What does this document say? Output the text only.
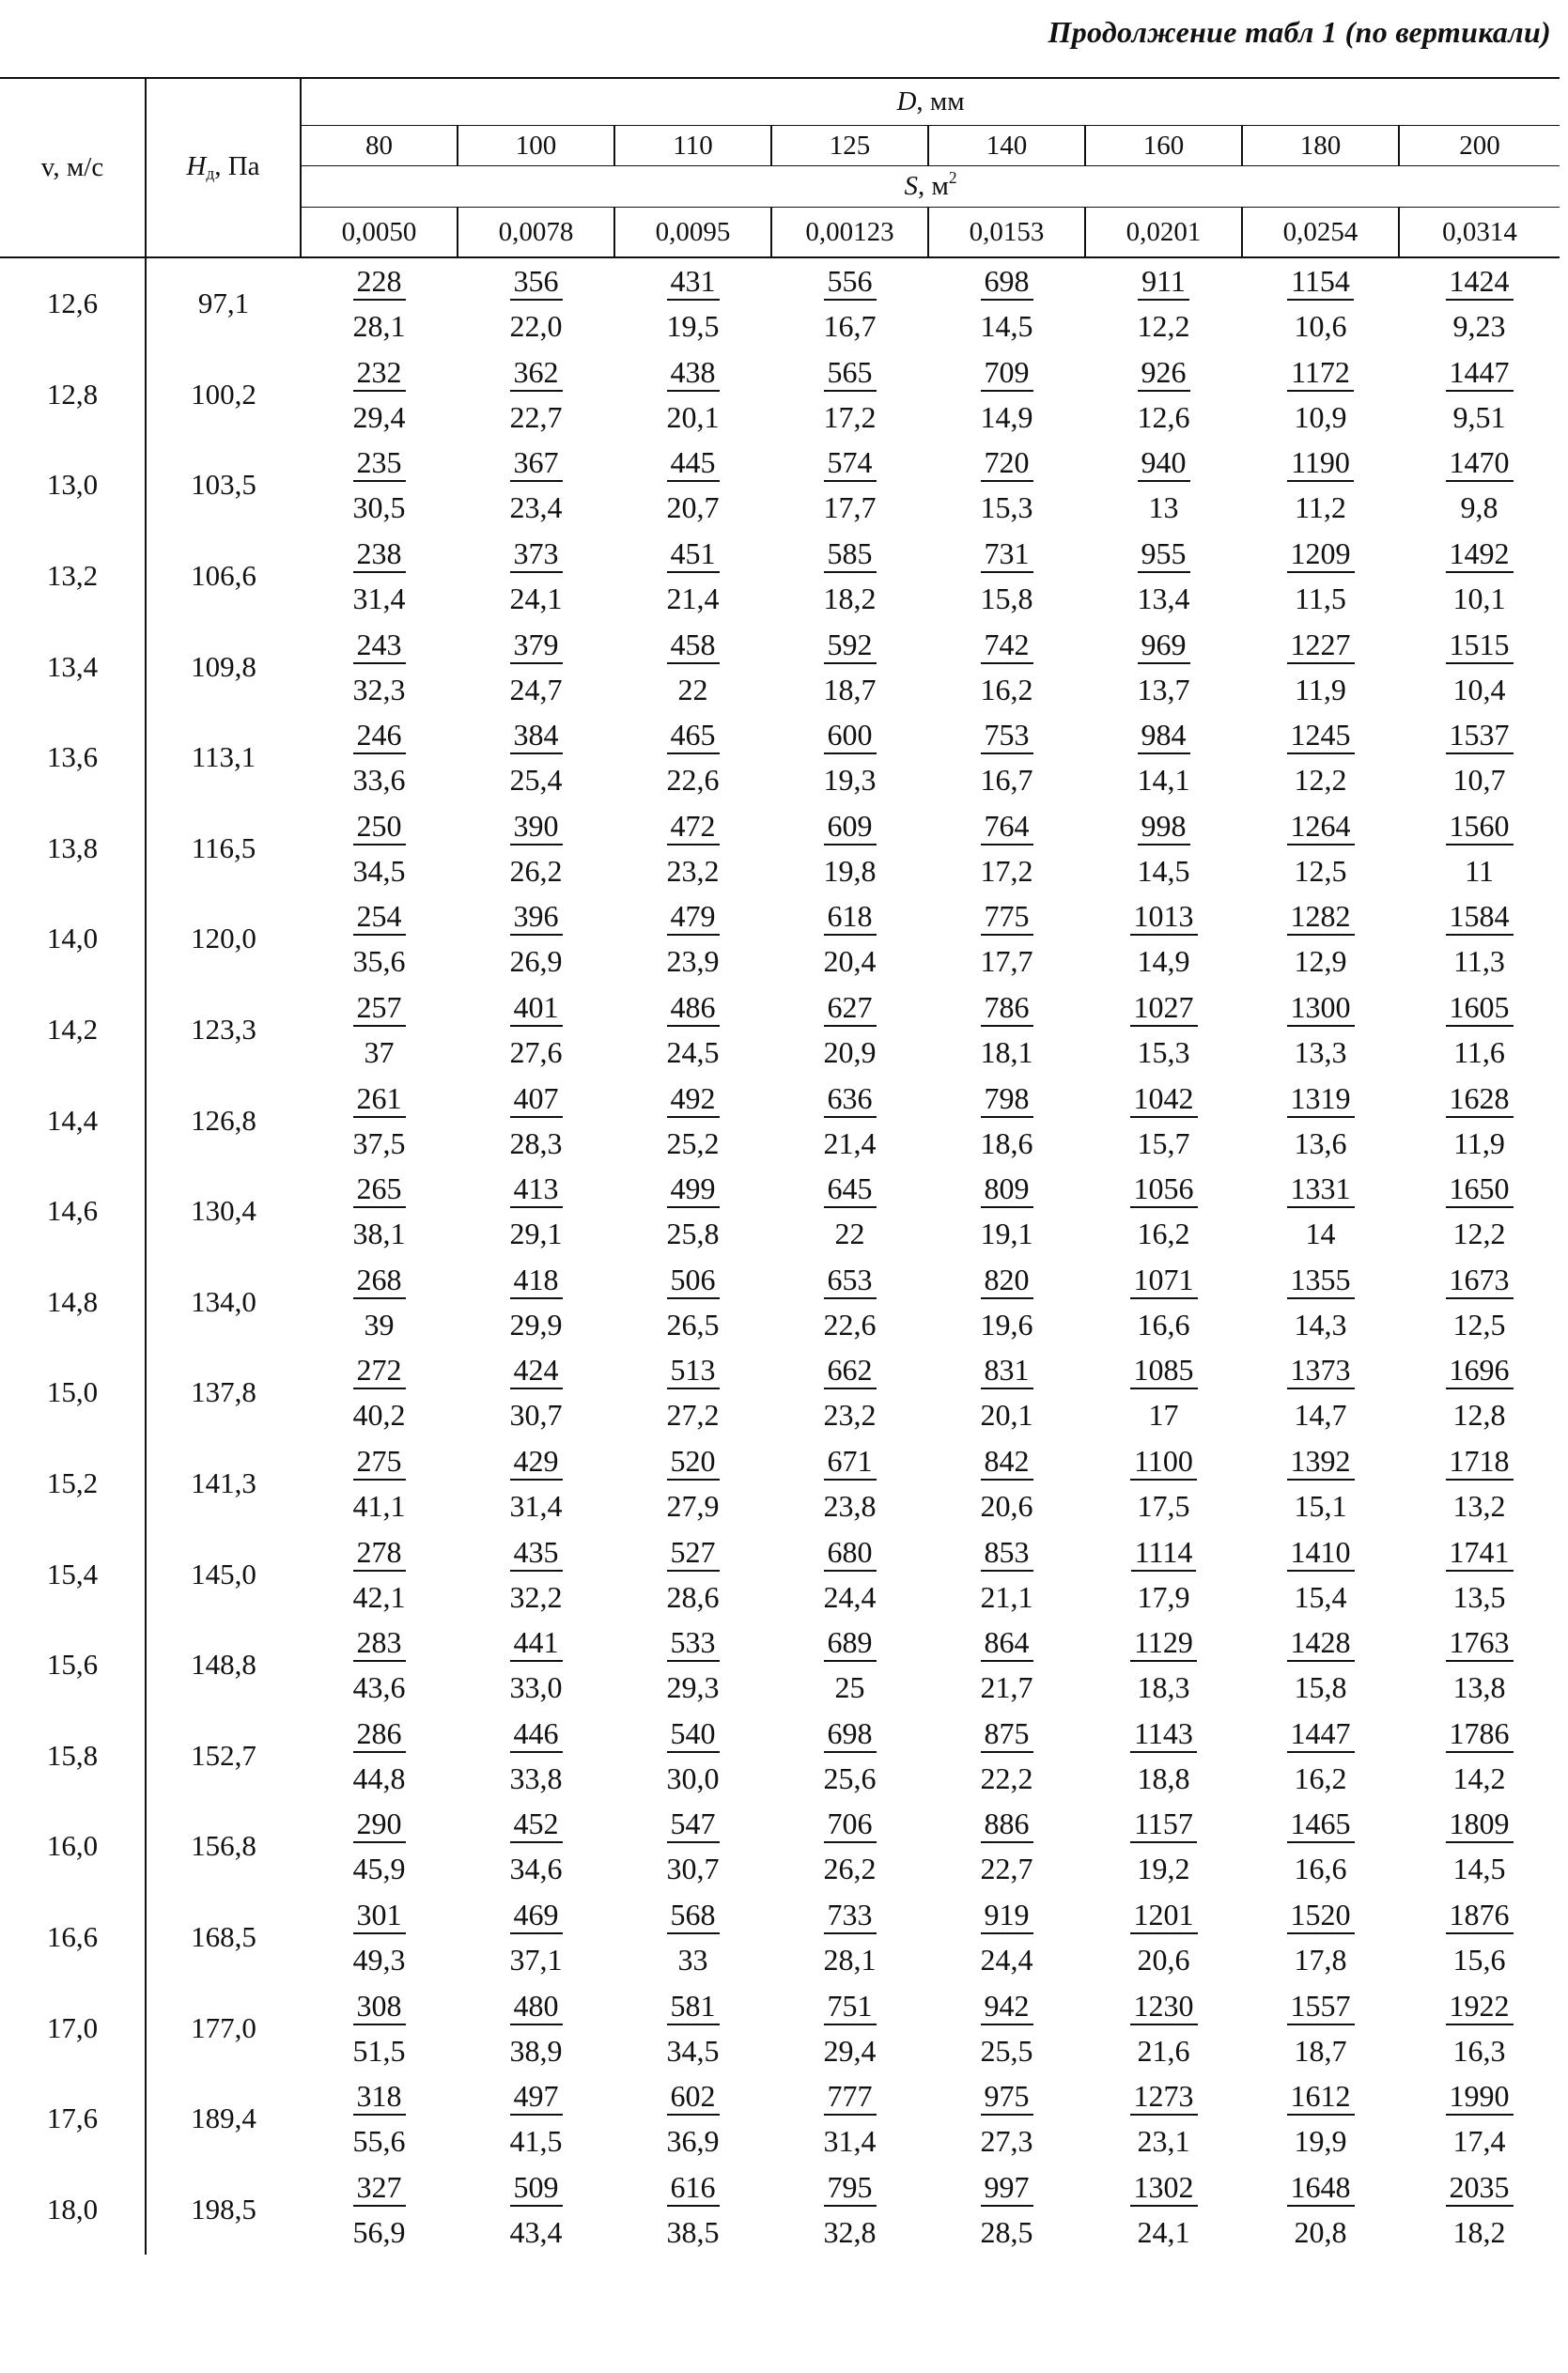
Продолжение табл 1 (по вертикали)
v, м/с	$H_д$, Па	D, мм							
		80	100	110	125	140	160	180	200
		S, $м^2$
		0,0050	0,0078	0,0095	0,00123	0,0153	0,0201	0,0254	0,0314
12,6	97,1	$\frac{228}{28,1}$	$\frac{356}{22,0}$	$\frac{431}{19,5}$	$\frac{556}{16,7}$	$\frac{698}{14,5}$	$\frac{911}{12,2}$	$\frac{1154}{10,6}$	$\frac{1424}{9,23}$

12,8	100,2	$\frac{232}{29,4}$	$\frac{362}{22,7}$	$\frac{438}{20,1}$	$\frac{565}{17,2}$	$\frac{709}{14,9}$	$\frac{926}{12,6}$	$\frac{1172}{10,9}$	$\frac{1447}{9,51}$

13,0	103,5	$\frac{235}{30,5}$	$\frac{367}{23,4}$	$\frac{445}{20,7}$	$\frac{574}{17,7}$	$\frac{720}{15,3}$	$\frac{940}{13}$	$\frac{1190}{11,2}$	$\frac{1470}{9,8}$

13,2	106,6	$\frac{238}{31,4}$	$\frac{373}{24,1}$	$\frac{451}{21,4}$	$\frac{585}{18,2}$	$\frac{731}{15,8}$	$\frac{955}{13,4}$	$\frac{1209}{11,5}$	$\frac{1492}{10,1}$

13,4	109,8	$\frac{243}{32,3}$	$\frac{379}{24,7}$	$\frac{458}{22}$	$\frac{592}{18,7}$	$\frac{742}{16,2}$	$\frac{969}{13,7}$	$\frac{1227}{11,9}$	$\frac{1515}{10,4}$

13,6	113,1	$\frac{246}{33,6}$	$\frac{384}{25,4}$	$\frac{465}{22,6}$	$\frac{600}{19,3}$	$\frac{753}{16,7}$	$\frac{984}{14,1}$	$\frac{1245}{12,2}$	$\frac{1537}{10,7}$

13,8	116,5	$\frac{250}{34,5}$	$\frac{390}{26,2}$	$\frac{472}{23,2}$	$\frac{609}{19,8}$	$\frac{764}{17,2}$	$\frac{998}{14,5}$	$\frac{1264}{12,5}$	$\frac{1560}{11}$

14,0	120,0	$\frac{254}{35,6}$	$\frac{396}{26,9}$	$\frac{479}{23,9}$	$\frac{618}{20,4}$	$\frac{775}{17,7}$	$\frac{1013}{14,9}$	$\frac{1282}{12,9}$	$\frac{1584}{11,3}$

14,2	123,3	$\frac{257}{37}$	$\frac{401}{27,6}$	$\frac{486}{24,5}$	$\frac{627}{20,9}$	$\frac{786}{18,1}$	$\frac{1027}{15,3}$	$\frac{1300}{13,3}$	$\frac{1605}{11,6}$

14,4	126,8	$\frac{261}{37,5}$	$\frac{407}{28,3}$	$\frac{492}{25,2}$	$\frac{636}{21,4}$	$\frac{798}{18,6}$	$\frac{1042}{15,7}$	$\frac{1319}{13,6}$	$\frac{1628}{11,9}$

14,6	130,4	$\frac{265}{38,1}$	$\frac{413}{29,1}$	$\frac{499}{25,8}$	$\frac{645}{22}$	$\frac{809}{19,1}$	$\frac{1056}{16,2}$	$\frac{1331}{14}$	$\frac{1650}{12,2}$

14,8	134,0	$\frac{268}{39}$	$\frac{418}{29,9}$	$\frac{506}{26,5}$	$\frac{653}{22,6}$	$\frac{820}{19,6}$	$\frac{1071}{16,6}$	$\frac{1355}{14,3}$	$\frac{1673}{12,5}$

15,0	137,8	$\frac{272}{40,2}$	$\frac{424}{30,7}$	$\frac{513}{27,2}$	$\frac{662}{23,2}$	$\frac{831}{20,1}$	$\frac{1085}{17}$	$\frac{1373}{14,7}$	$\frac{1696}{12,8}$

15,2	141,3	$\frac{275}{41,1}$	$\frac{429}{31,4}$	$\frac{520}{27,9}$	$\frac{671}{23,8}$	$\frac{842}{20,6}$	$\frac{1100}{17,5}$	$\frac{1392}{15,1}$	$\frac{1718}{13,2}$

15,4	145,0	$\frac{278}{42,1}$	$\frac{435}{32,2}$	$\frac{527}{28,6}$	$\frac{680}{24,4}$	$\frac{853}{21,1}$	$\frac{1114}{17,9}$	$\frac{1410}{15,4}$	$\frac{1741}{13,5}$

15,6	148,8	$\frac{283}{43,6}$	$\frac{441}{33,0}$	$\frac{533}{29,3}$	$\frac{689}{25}$	$\frac{864}{21,7}$	$\frac{1129}{18,3}$	$\frac{1428}{15,8}$	$\frac{1763}{13,8}$

15,8	152,7	$\frac{286}{44,8}$	$\frac{446}{33,8}$	$\frac{540}{30,0}$	$\frac{698}{25,6}$	$\frac{875}{22,2}$	$\frac{1143}{18,8}$	$\frac{1447}{16,2}$	$\frac{1786}{14,2}$

16,0	156,8	$\frac{290}{45,9}$	$\frac{452}{34,6}$	$\frac{547}{30,7}$	$\frac{706}{26,2}$	$\frac{886}{22,7}$	$\frac{1157}{19,2}$	$\frac{1465}{16,6}$	$\frac{1809}{14,5}$

16,6	168,5	$\frac{301}{49,3}$	$\frac{469}{37,1}$	$\frac{568}{33}$	$\frac{733}{28,1}$	$\frac{919}{24,4}$	$\frac{1201}{20,6}$	$\frac{1520}{17,8}$	$\frac{1876}{15,6}$

17,0	177,0	$\frac{308}{51,5}$	$\frac{480}{38,9}$	$\frac{581}{34,5}$	$\frac{751}{29,4}$	$\frac{942}{25,5}$	$\frac{1230}{21,6}$	$\frac{1557}{18,7}$	$\frac{1922}{16,3}$

17,6	189,4	$\frac{318}{55,6}$	$\frac{497}{41,5}$	$\frac{602}{36,9}$	$\frac{777}{31,4}$	$\frac{975}{27,3}$	$\frac{1273}{23,1}$	$\frac{1612}{19,9}$	$\frac{1990}{17,4}$

18,0	198,5	$\frac{327}{56,9}$	$\frac{509}{43,4}$	$\frac{616}{38,5}$	$\frac{795}{32,8}$	$\frac{997}{28,5}$	$\frac{1302}{24,1}$	$\frac{1648}{20,8}$	$\frac{2035}{18,2}$
